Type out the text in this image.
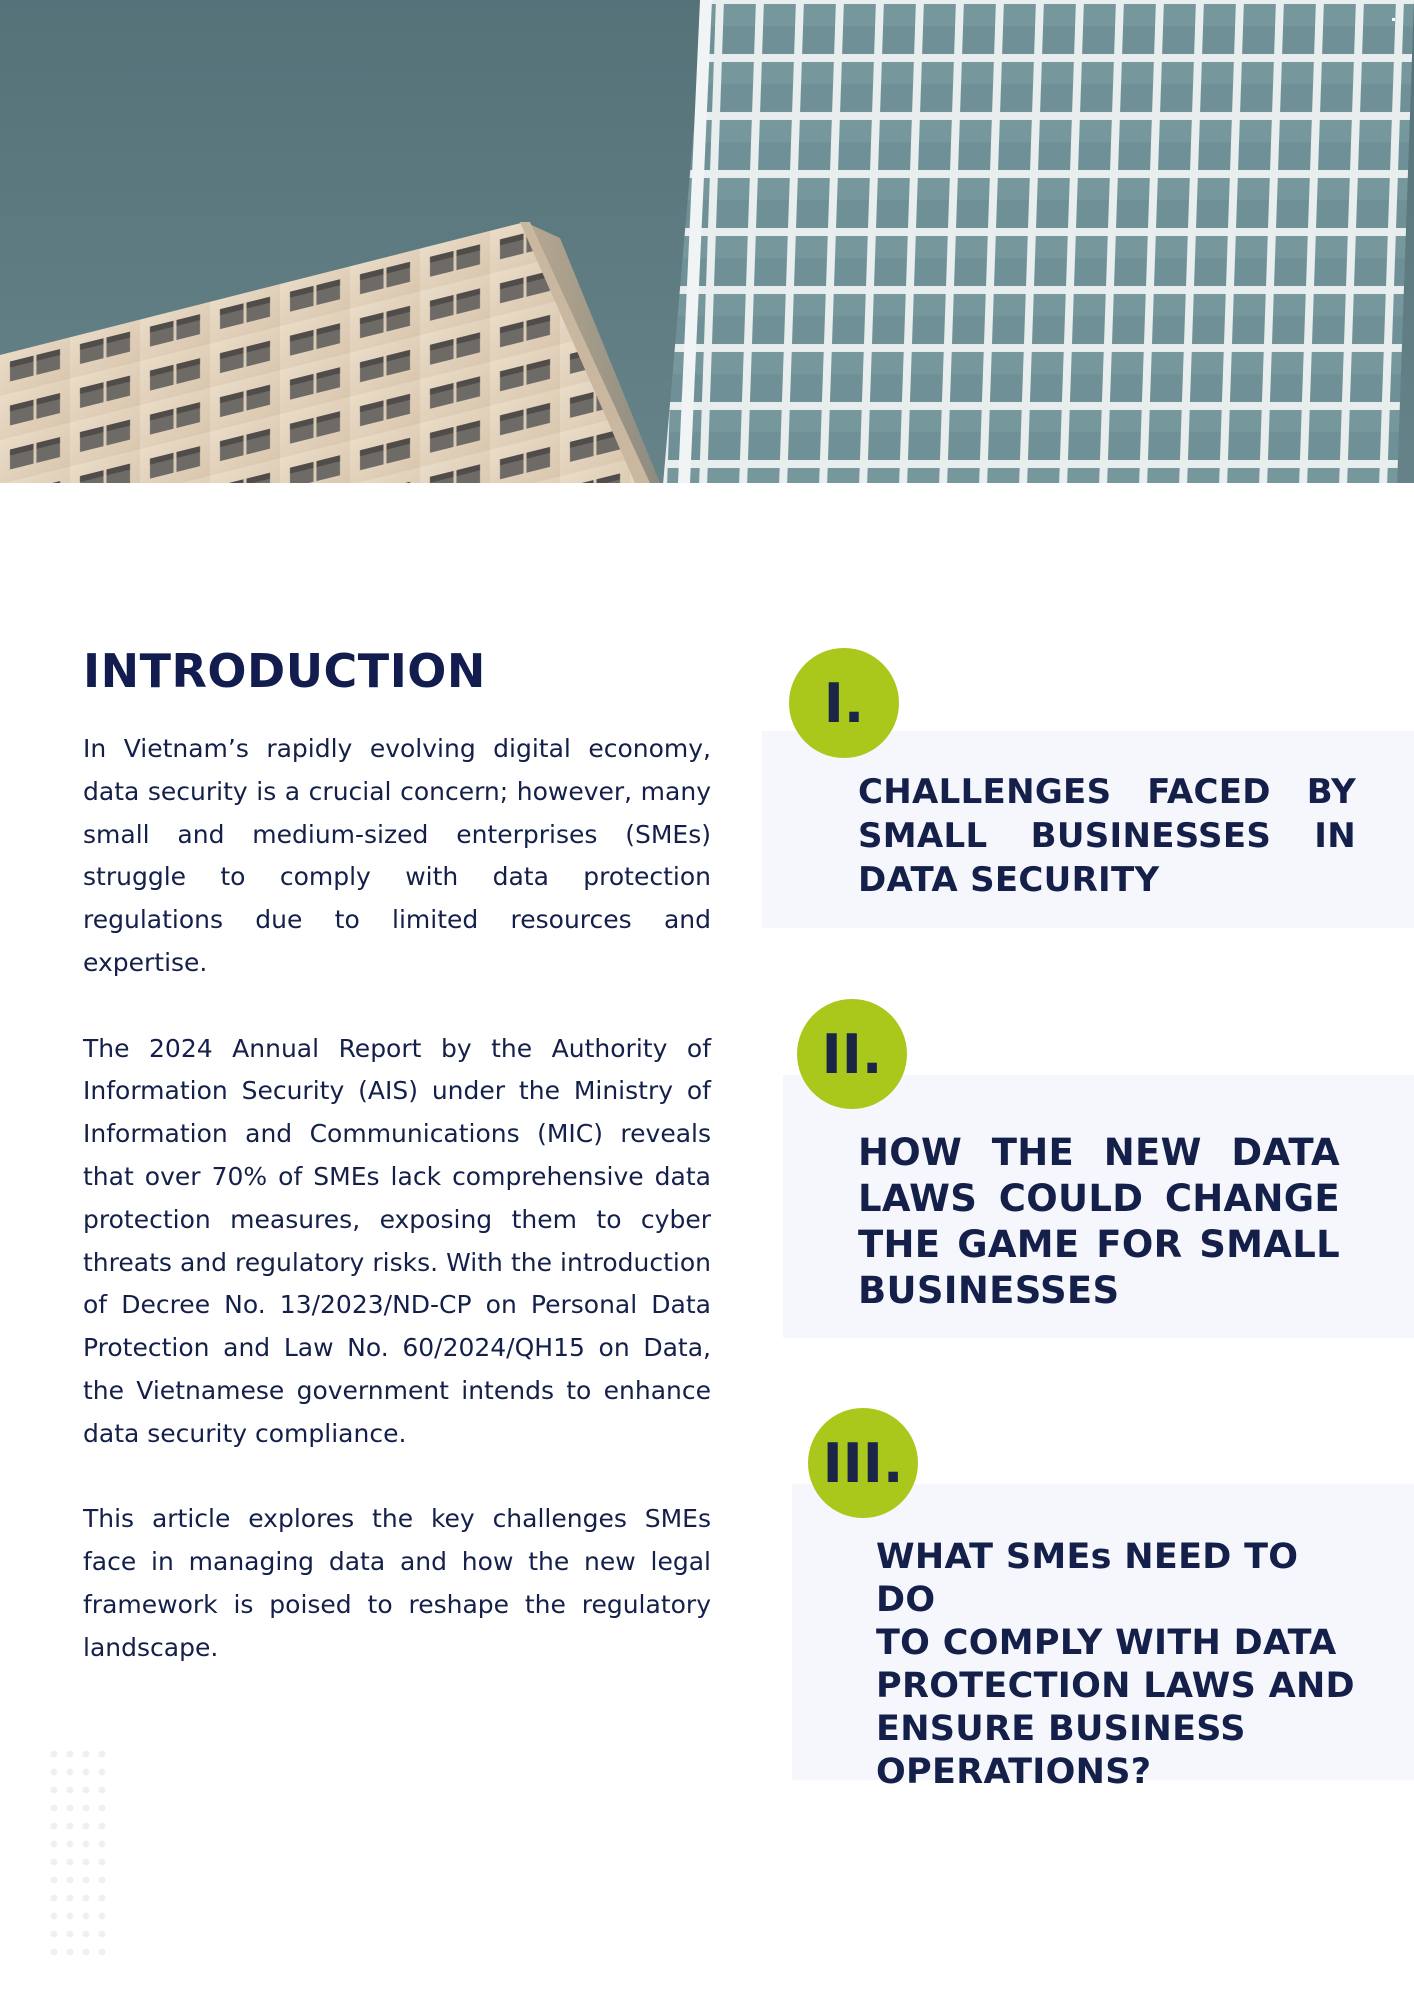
INTRODUCTION

In Vietnam’s rapidly evolving digital economy, data security is a crucial concern; however, many small and medium-sized enterprises (SMEs) struggle to comply with data protection regulations due to limited resources and expertise.

The 2024 Annual Report by the Authority of Information Security (AIS) under the Ministry of Information and Communications (MIC) reveals that over 70% of SMEs lack comprehensive data protection measures, exposing them to cyber threats and regulatory risks. With the introduction of Decree No. 13/2023/ND-CP on Personal Data Protection and Law No. 60/2024/QH15 on Data, the Vietnamese government intends to enhance data security compliance.

This article explores the key challenges SMEs face in managing data and how the new legal framework is poised to reshape the regulatory landscape.

I.
CHALLENGES FACED BY
SMALL BUSINESSES IN
DATA SECURITY
II.
HOW THE NEW DATA
LAWS COULD CHANGE
THE GAME FOR SMALL
BUSINESSES
III.
WHAT SMEs NEED TO DO
TO COMPLY WITH DATA
PROTECTION LAWS AND
ENSURE BUSINESS
OPERATIONS?
